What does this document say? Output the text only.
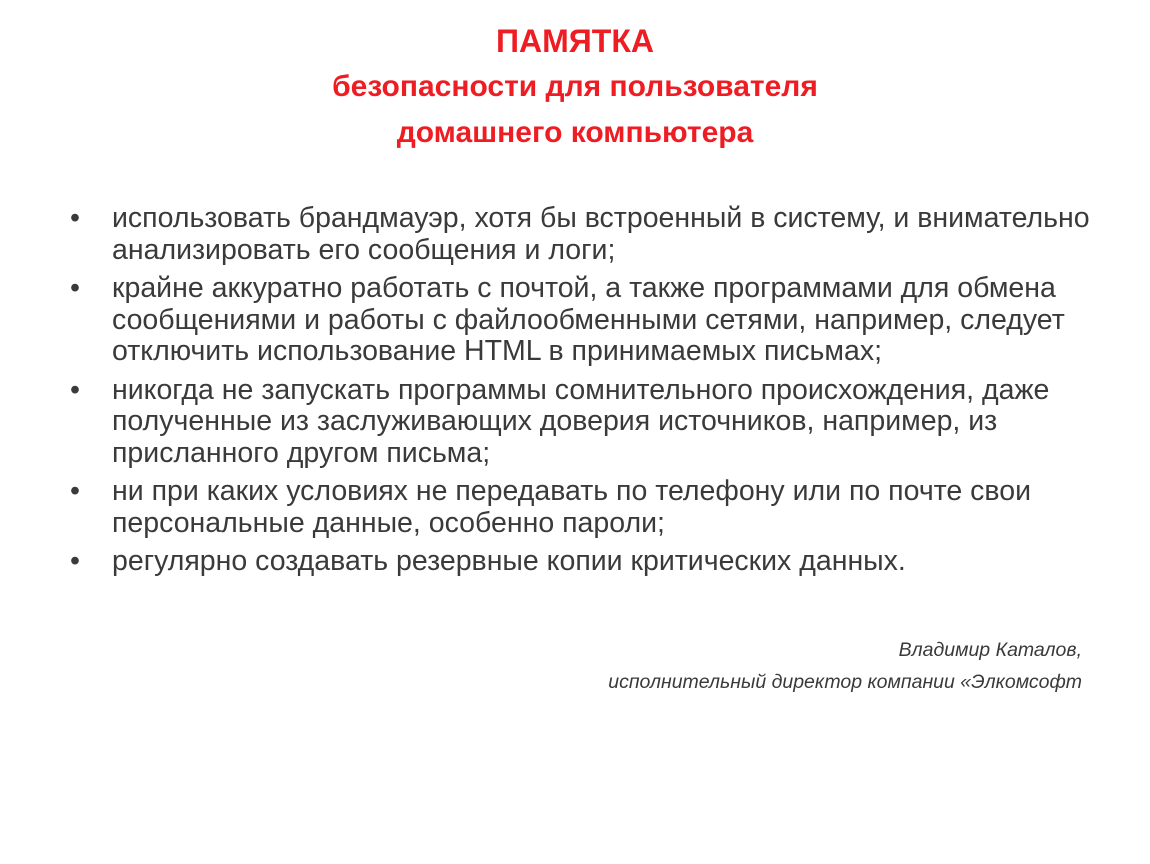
ПАМЯТКА
безопасности для пользователя
домашнего компьютера
•	использовать брандмауэр, хотя бы встроенный в систему, и внимательно анализировать его сообщения и логи;
•	крайне аккуратно работать с почтой, а также программами для обмена сообщениями и работы с файлообменными сетями, например, следует отключить использование HTML в принимаемых письмах;
•	никогда не запускать программы сомнительного происхождения, даже полученные из заслуживающих доверия источников, например, из присланного другом письма;
•	ни при каких условиях не передавать по телефону или по почте свои персональные данные, особенно пароли;
•	регулярно создавать резервные копии критических данных.
Владимир Каталов,
исполнительный директор компании «Элкомсофт
